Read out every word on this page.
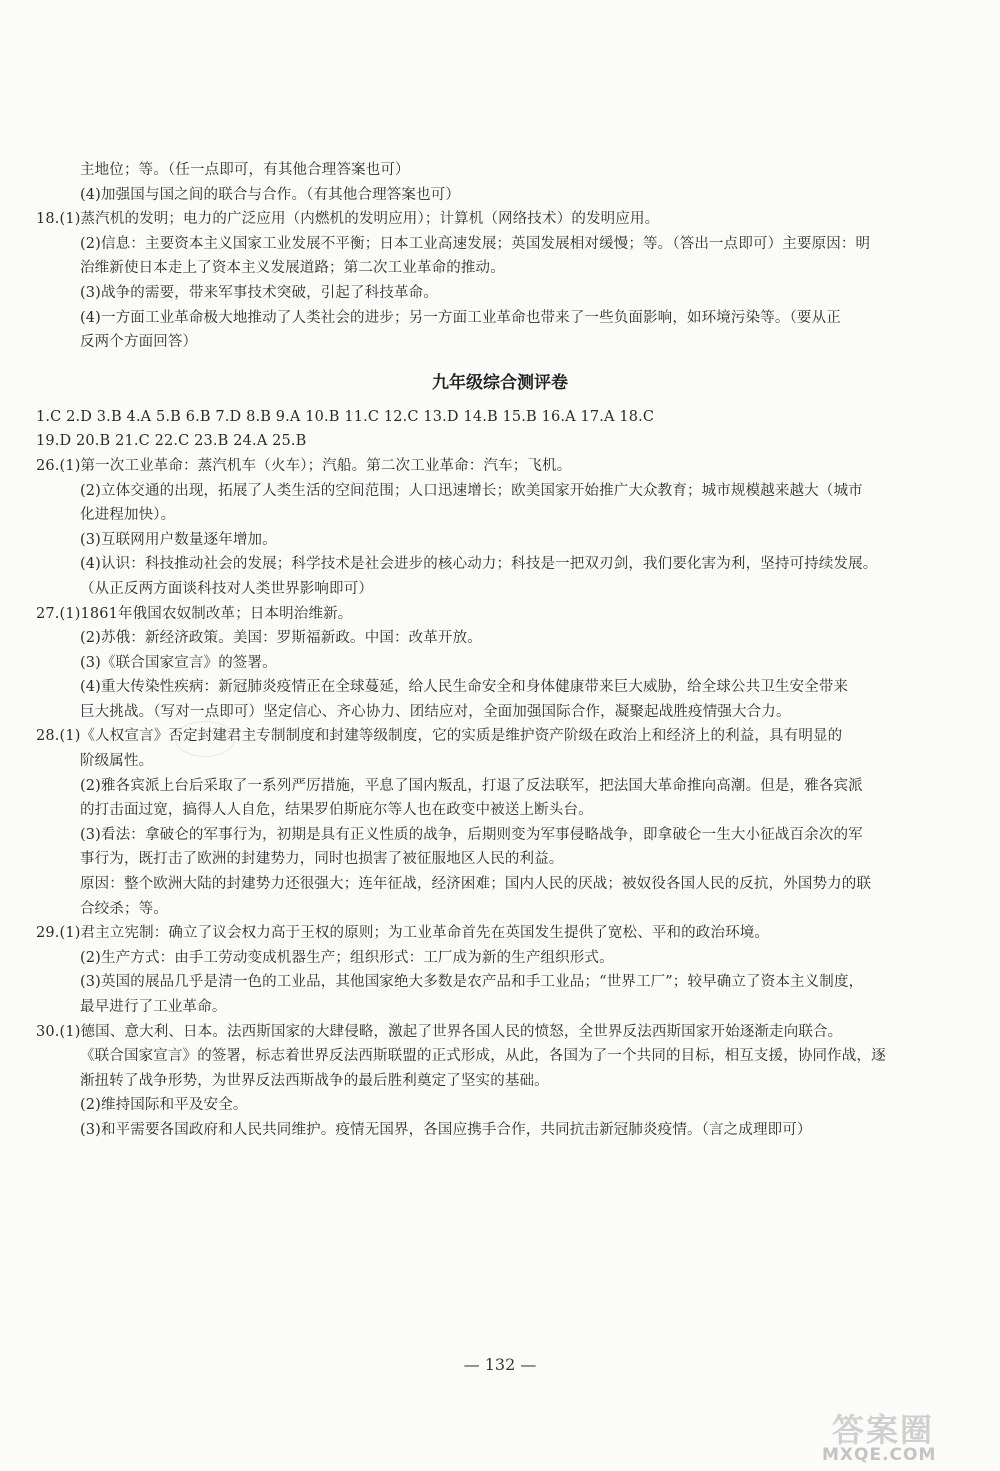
主地位；等。（任一点即可，有其他合理答案也可）
(4)加强国与国之间的联合与合作。（有其他合理答案也可）
18.(1)蒸汽机的发明；电力的广泛应用（内燃机的发明应用）；计算机（网络技术）的发明应用。
(2)信息：主要资本主义国家工业发展不平衡；日本工业高速发展；英国发展相对缓慢；等。（答出一点即可）主要原因：明
治维新使日本走上了资本主义发展道路；第二次工业革命的推动。
(3)战争的需要，带来军事技术突破，引起了科技革命。
(4)一方面工业革命极大地推动了人类社会的进步；另一方面工业革命也带来了一些负面影响，如环境污染等。（要从正
反两个方面回答）
九年级综合测评卷
1.C 2.D 3.B 4.A 5.B 6.B 7.D 8.B 9.A 10.B 11.C 12.C 13.D 14.B 15.B 16.A 17.A 18.C
19.D 20.B 21.C 22.C 23.B 24.A 25.B
26.(1)第一次工业革命：蒸汽机车（火车）；汽船。第二次工业革命：汽车；飞机。
(2)立体交通的出现，拓展了人类生活的空间范围；人口迅速增长；欧美国家开始推广大众教育；城市规模越来越大（城市
化进程加快）。
(3)互联网用户数量逐年增加。
(4)认识：科技推动社会的发展；科学技术是社会进步的核心动力；科技是一把双刃剑，我们要化害为利，坚持可持续发展。
（从正反两方面谈科技对人类世界影响即可）
27.(1)1861年俄国农奴制改革；日本明治维新。
(2)苏俄：新经济政策。美国：罗斯福新政。中国：改革开放。
(3)《联合国家宣言》的签署。
(4)重大传染性疾病：新冠肺炎疫情正在全球蔓延，给人民生命安全和身体健康带来巨大威胁，给全球公共卫生安全带来
巨大挑战。（写对一点即可）坚定信心、齐心协力、团结应对，全面加强国际合作，凝聚起战胜疫情强大合力。
28.(1)《人权宣言》否定封建君主专制制度和封建等级制度，它的实质是维护资产阶级在政治上和经济上的利益，具有明显的
阶级属性。
(2)雅各宾派上台后采取了一系列严厉措施，平息了国内叛乱，打退了反法联军，把法国大革命推向高潮。但是，雅各宾派
的打击面过宽，搞得人人自危，结果罗伯斯庇尔等人也在政变中被送上断头台。
(3)看法：拿破仑的军事行为，初期是具有正义性质的战争，后期则变为军事侵略战争，即拿破仑一生大小征战百余次的军
事行为，既打击了欧洲的封建势力，同时也损害了被征服地区人民的利益。
原因：整个欧洲大陆的封建势力还很强大；连年征战，经济困难；国内人民的厌战；被奴役各国人民的反抗，外国势力的联
合绞杀；等。
29.(1)君主立宪制：确立了议会权力高于王权的原则；为工业革命首先在英国发生提供了宽松、平和的政治环境。
(2)生产方式：由手工劳动变成机器生产；组织形式：工厂成为新的生产组织形式。
(3)英国的展品几乎是清一色的工业品，其他国家绝大多数是农产品和手工业品；“世界工厂”；较早确立了资本主义制度，
最早进行了工业革命。
30.(1)德国、意大利、日本。法西斯国家的大肆侵略，激起了世界各国人民的愤怒，全世界反法西斯国家开始逐渐走向联合。
《联合国家宣言》的签署，标志着世界反法西斯联盟的正式形成，从此，各国为了一个共同的目标，相互支援，协同作战，逐
渐扭转了战争形势，为世界反法西斯战争的最后胜利奠定了坚实的基础。
(2)维持国际和平及安全。
(3)和平需要各国政府和人民共同维护。疫情无国界，各国应携手合作，共同抗击新冠肺炎疫情。（言之成理即可）
— 132 —
答案圈
MXQE.COM
